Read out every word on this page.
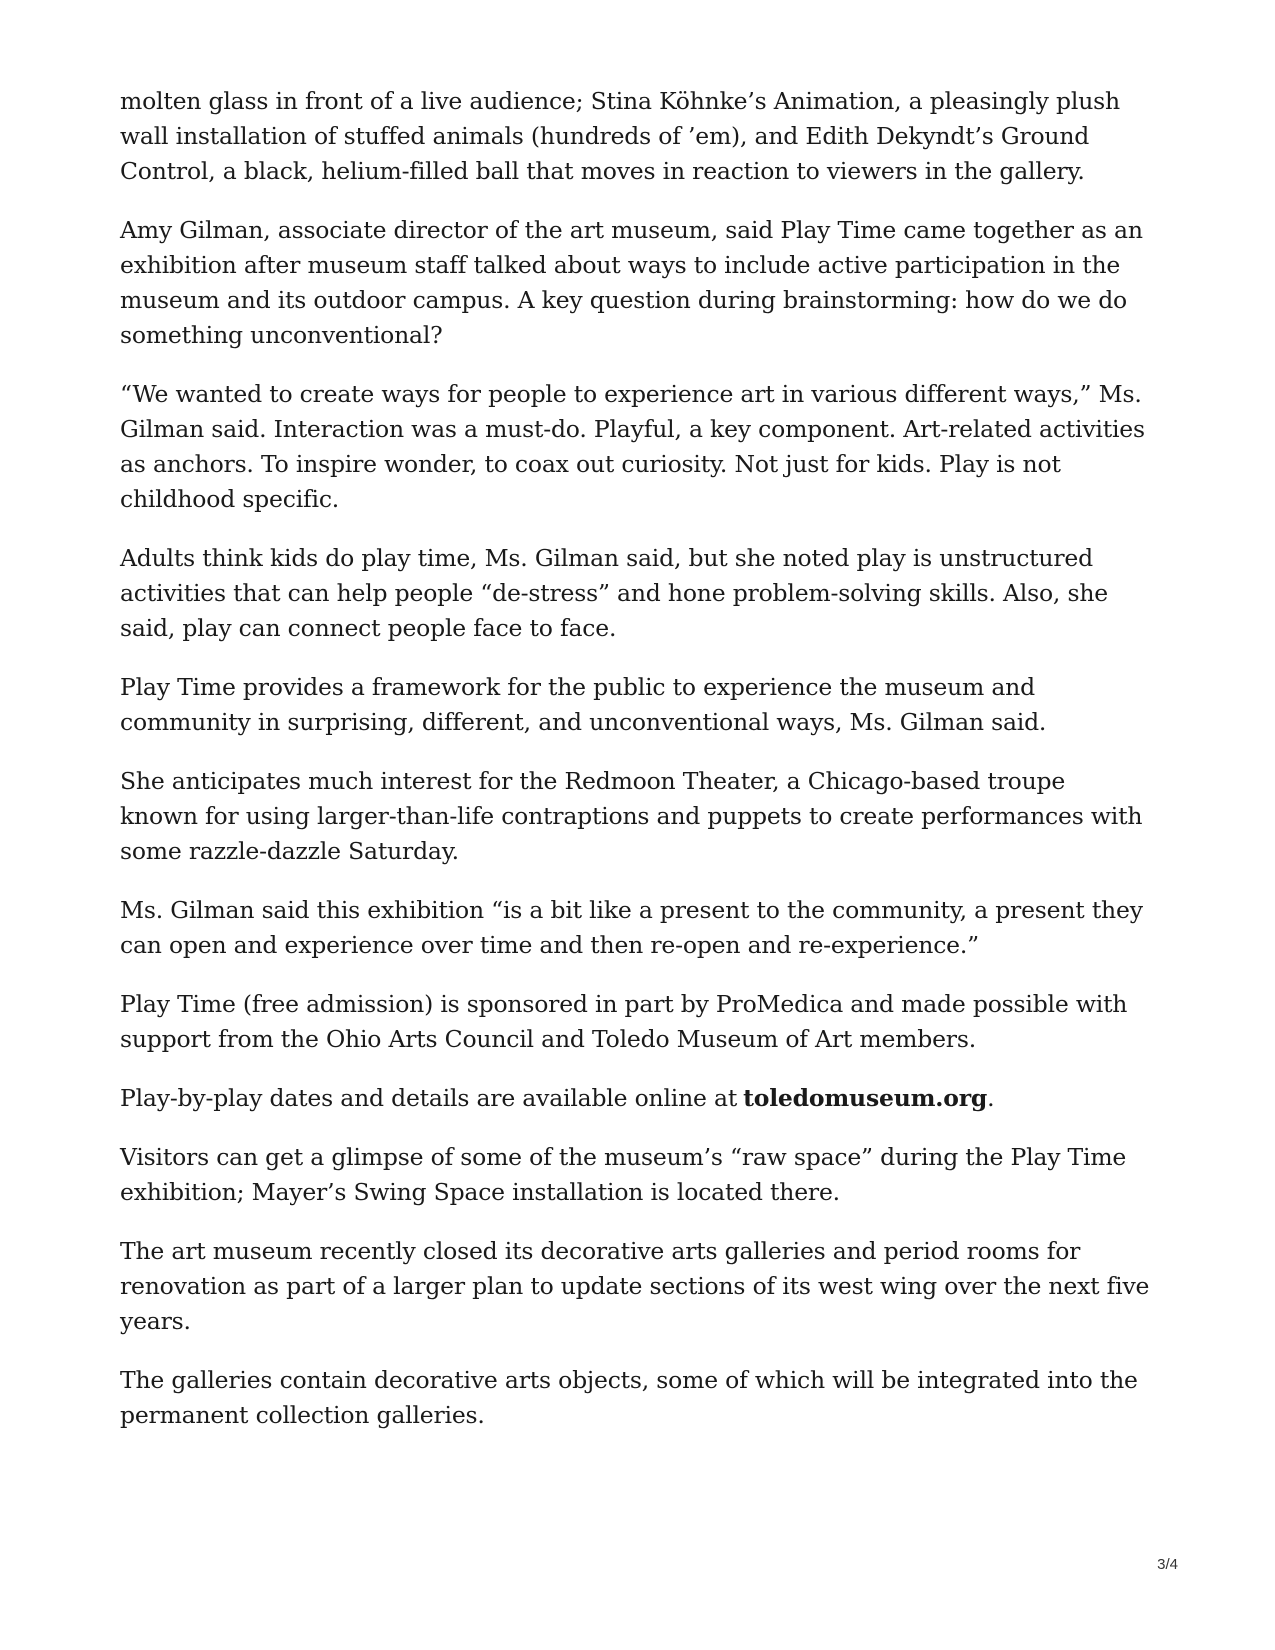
molten glass in front of a live audience; Stina Köhnke’s Animation, a pleasingly plush wall installation of stuffed animals (hundreds of ’em), and Edith Dekyndt’s Ground Control, a black, helium-filled ball that moves in reaction to viewers in the gallery.

Amy Gilman, associate director of the art museum, said Play Time came together as an exhibition after museum staff talked about ways to include active participation in the museum and its outdoor campus. A key question during brainstorming: how do we do something unconventional?

“We wanted to create ways for people to experience art in various different ways,” Ms. Gilman said. Interaction was a must-do. Playful, a key component. Art-related activities as anchors. To inspire wonder, to coax out curiosity. Not just for kids. Play is not childhood specific.

Adults think kids do play time, Ms. Gilman said, but she noted play is unstructured activities that can help people “de-stress” and hone problem-solving skills. Also, she said, play can connect people face to face.

Play Time provides a framework for the public to experience the museum and community in surprising, different, and unconventional ways, Ms. Gilman said.

She anticipates much interest for the Redmoon Theater, a Chicago-based troupe known for using larger-than-life contraptions and puppets to create performances with some razzle-dazzle Saturday.

Ms. Gilman said this exhibition “is a bit like a present to the community, a present they can open and experience over time and then re-open and re-experience.”

Play Time (free admission) is sponsored in part by ProMedica and made possible with support from the Ohio Arts Council and Toledo Museum of Art members.

Play-by-play dates and details are available online at toledomuseum.org.

Visitors can get a glimpse of some of the museum’s “raw space” during the Play Time exhibition; Mayer’s Swing Space installation is located there.

The art museum recently closed its decorative arts galleries and period rooms for renovation as part of a larger plan to update sections of its west wing over the next five years.

The galleries contain decorative arts objects, some of which will be integrated into the permanent collection galleries.

3/4
